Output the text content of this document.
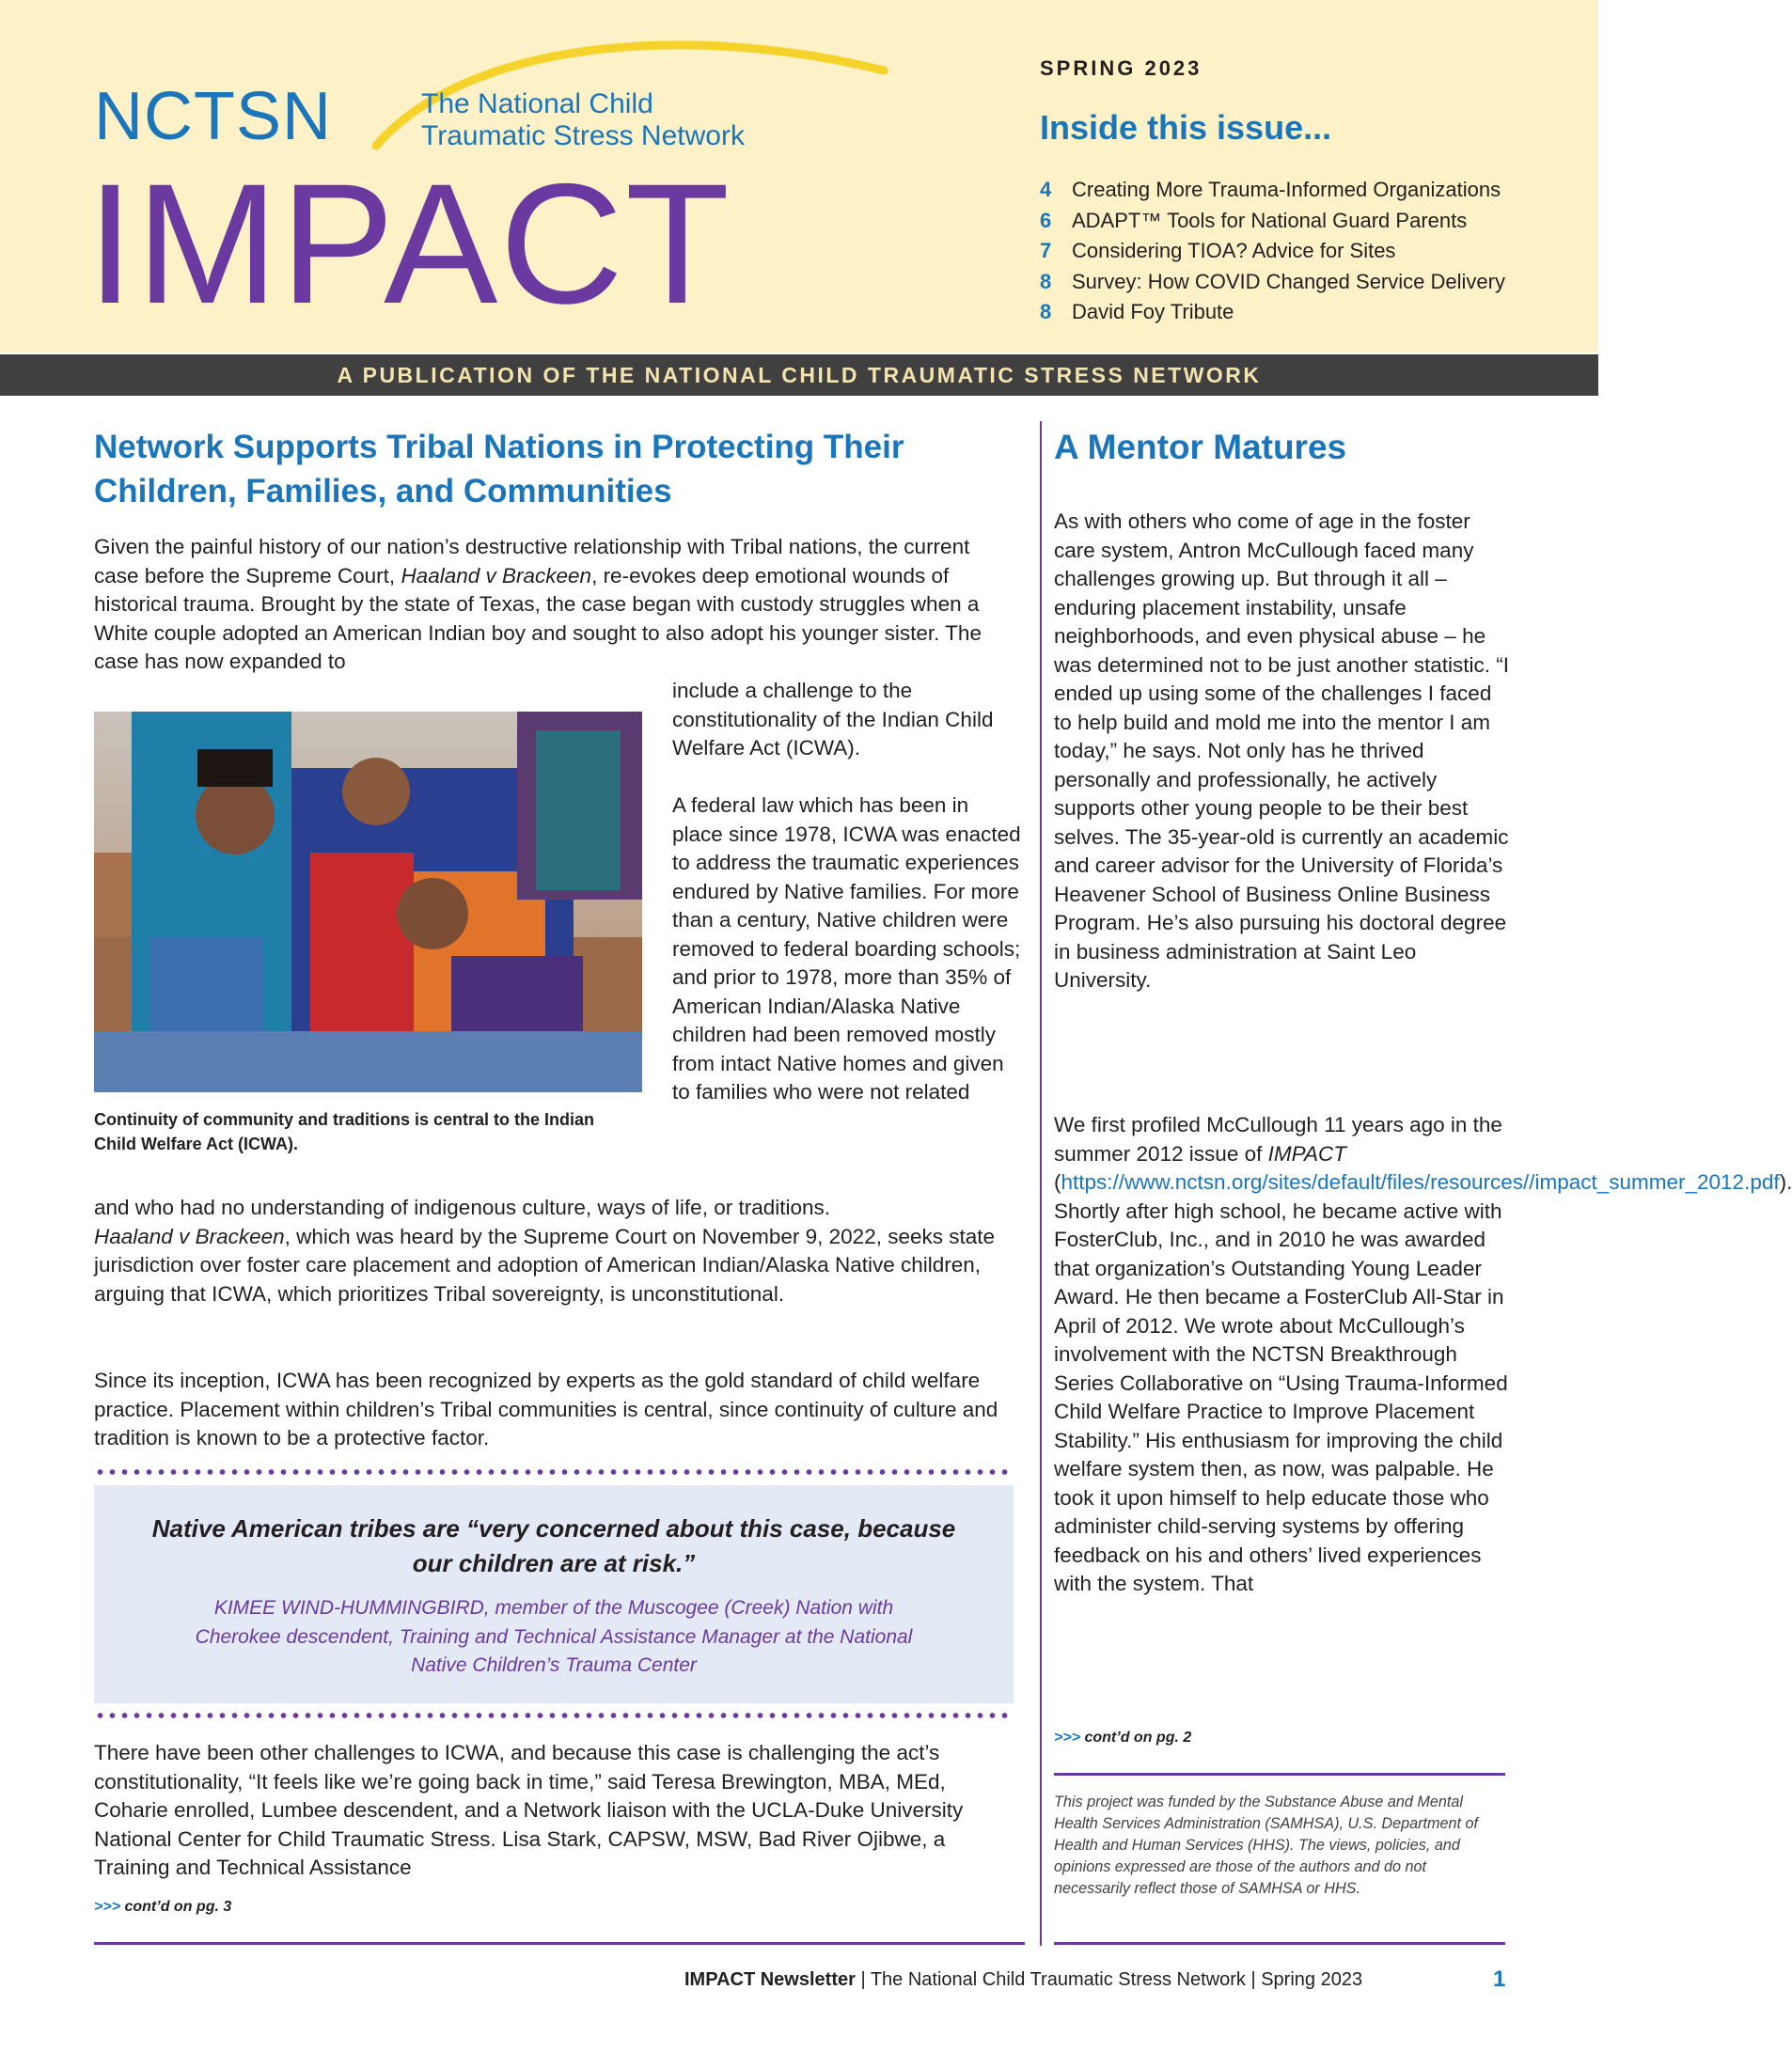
NCTSN	The National Child Traumatic Stress Network
IMPACT
SPRING 2023
Inside this issue...
4 Creating More Trauma-Informed Organizations
6 ADAPT™ Tools for National Guard Parents
7 Considering TIOA? Advice for Sites
8 Survey: How COVID Changed Service Delivery
8 David Foy Tribute
A PUBLICATION OF THE NATIONAL CHILD TRAUMATIC STRESS NETWORK
Network Supports Tribal Nations in Protecting Their Children, Families, and Communities

Given the painful history of our nation’s destructive relationship with Tribal nations, the current case before the Supreme Court, Haaland v Brackeen, re-evokes deep emotional wounds of historical trauma. Brought by the state of Texas, the case began with custody struggles when a White couple adopted an American Indian boy and sought to also adopt his younger sister. The case has now expanded to

Continuity of community and traditions is central to the Indian Child Welfare Act (ICWA).

include a challenge to the constitutionality of the Indian Child Welfare Act (ICWA).

A federal law which has been in place since 1978, ICWA was enacted to address the traumatic experiences endured by Native families. For more than a century, Native children were removed to federal boarding schools; and prior to 1978, more than 35% of American Indian/Alaska Native children had been removed mostly from intact Native homes and given to families who were not related

and who had no understanding of indigenous culture, ways of life, or traditions.
Haaland v Brackeen, which was heard by the Supreme Court on November 9, 2022, seeks state jurisdiction over foster care placement and adoption of American Indian/Alaska Native children, arguing that ICWA, which prioritizes Tribal sovereignty, is unconstitutional.

Since its inception, ICWA has been recognized by experts as the gold standard of child welfare practice. Placement within children’s Tribal communities is central, since continuity of culture and tradition is known to be a protective factor.

Native American tribes are “very concerned about this case, because our children are at risk.”
KIMEE WIND-HUMMINGBIRD, member of the Muscogee (Creek) Nation with Cherokee descendent, Training and Technical Assistance Manager at the National Native Children’s Trauma Center

There have been other challenges to ICWA, and because this case is challenging the act’s constitutionality, “It feels like we’re going back in time,” said Teresa Brewington, MBA, MEd, Coharie enrolled, Lumbee descendent, and a Network liaison with the UCLA-Duke University National Center for Child Traumatic Stress. Lisa Stark, CAPSW, MSW, Bad River Ojibwe, a Training and Technical Assistance

>>> cont’d on pg. 3
A Mentor Matures

As with others who come of age in the foster care system, Antron McCullough faced many challenges growing up. But through it all – enduring placement instability, unsafe neighborhoods, and even physical abuse – he was determined not to be just another statistic. “I ended up using some of the challenges I faced to help build and mold me into the mentor I am today,” he says. Not only has he thrived personally and professionally, he actively supports other young people to be their best selves. The 35-year-old is currently an academic and career advisor for the University of Florida’s Heavener School of Business Online Business Program. He’s also pursuing his doctoral degree in business administration at Saint Leo University.

We first profiled McCullough 11 years ago in the summer 2012 issue of IMPACT (https://www.nctsn.org/sites/default/files/resources//impact_summer_2012.pdf). Shortly after high school, he became active with FosterClub, Inc., and in 2010 he was awarded that organization’s Outstanding Young Leader Award. He then became a FosterClub All-Star in April of 2012. We wrote about McCullough’s involvement with the NCTSN Breakthrough Series Collaborative on “Using Trauma-Informed Child Welfare Practice to Improve Placement Stability.” His enthusiasm for improving the child welfare system then, as now, was palpable. He took it upon himself to help educate those who administer child-serving systems by offering feedback on his and others’ lived experiences with the system. That

>>> cont’d on pg. 2

This project was funded by the Substance Abuse and Mental Health Services Administration (SAMHSA), U.S. Department of Health and Human Services (HHS). The views, policies, and opinions expressed are those of the authors and do not necessarily reflect those of SAMHSA or HHS.

IMPACT Newsletter | The National Child Traumatic Stress Network | Spring 2023	1
